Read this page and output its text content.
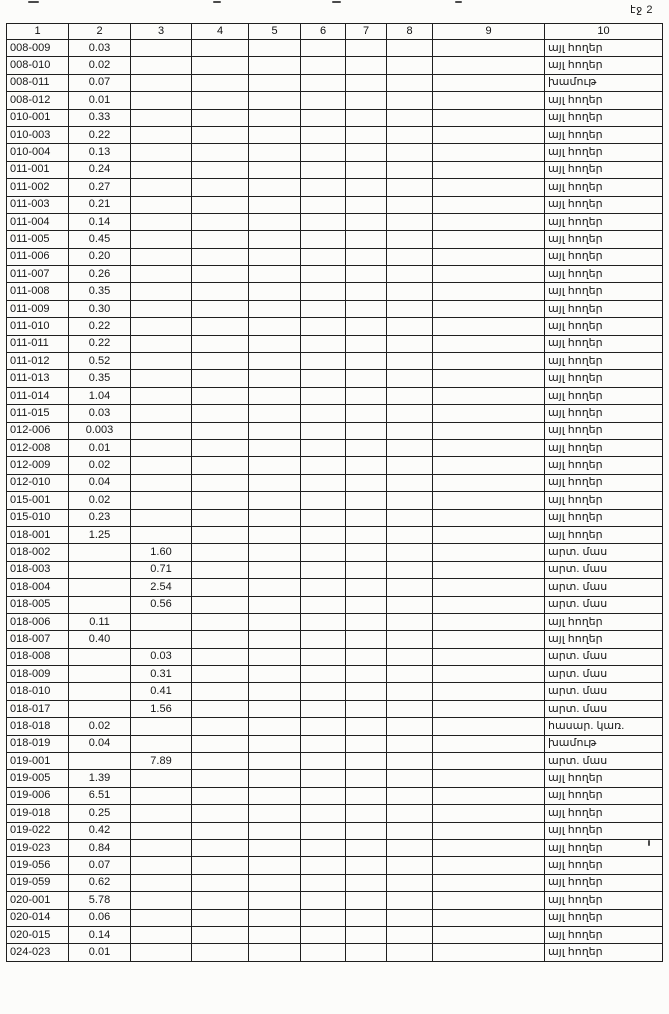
էջ 2
1	2	3	4	5	6	7	8	9	10
008-009	0.03								այլ հողեր
008-010	0.02								այլ հողեր
008-011	0.07								խամութ
008-012	0.01								այլ հողեր
010-001	0.33								այլ հողեր
010-003	0.22								այլ հողեր
010-004	0.13								այլ հողեր
011-001	0.24								այլ հողեր
011-002	0.27								այլ հողեր
011-003	0.21								այլ հողեր
011-004	0.14								այլ հողեր
011-005	0.45								այլ հողեր
011-006	0.20								այլ հողեր
011-007	0.26								այլ հողեր
011-008	0.35								այլ հողեր
011-009	0.30								այլ հողեր
011-010	0.22								այլ հողեր
011-011	0.22								այլ հողեր
011-012	0.52								այլ հողեր
011-013	0.35								այլ հողեր
011-014	1.04								այլ հողեր
011-015	0.03								այլ հողեր
012-006	0.003								այլ հողեր
012-008	0.01								այլ հողեր
012-009	0.02								այլ հողեր
012-010	0.04								այլ հողեր
015-001	0.02								այլ հողեր
015-010	0.23								այլ հողեր
018-001	1.25								այլ հողեր
018-002		1.60							արտ. մաս
018-003		0.71							արտ. մաս
018-004		2.54							արտ. մաս
018-005		0.56							արտ. մաս
018-006	0.11								այլ հողեր
018-007	0.40								այլ հողեր
018-008		0.03							արտ. մաս
018-009		0.31							արտ. մաս
018-010		0.41							արտ. մաս
018-017		1.56							արտ. մաս
018-018	0.02								հասար. կառ.
018-019	0.04								խամութ
019-001		7.89							արտ. մաս
019-005	1.39								այլ հողեր
019-006	6.51								այլ հողեր
019-018	0.25								այլ հողեր
019-022	0.42								այլ հողեր
019-023	0.84								այլ հողեր
019-056	0.07								այլ հողեր
019-059	0.62								այլ հողեր
020-001	5.78								այլ հողեր
020-014	0.06								այլ հողեր
020-015	0.14								այլ հողեր
024-023	0.01								այլ հողեր
